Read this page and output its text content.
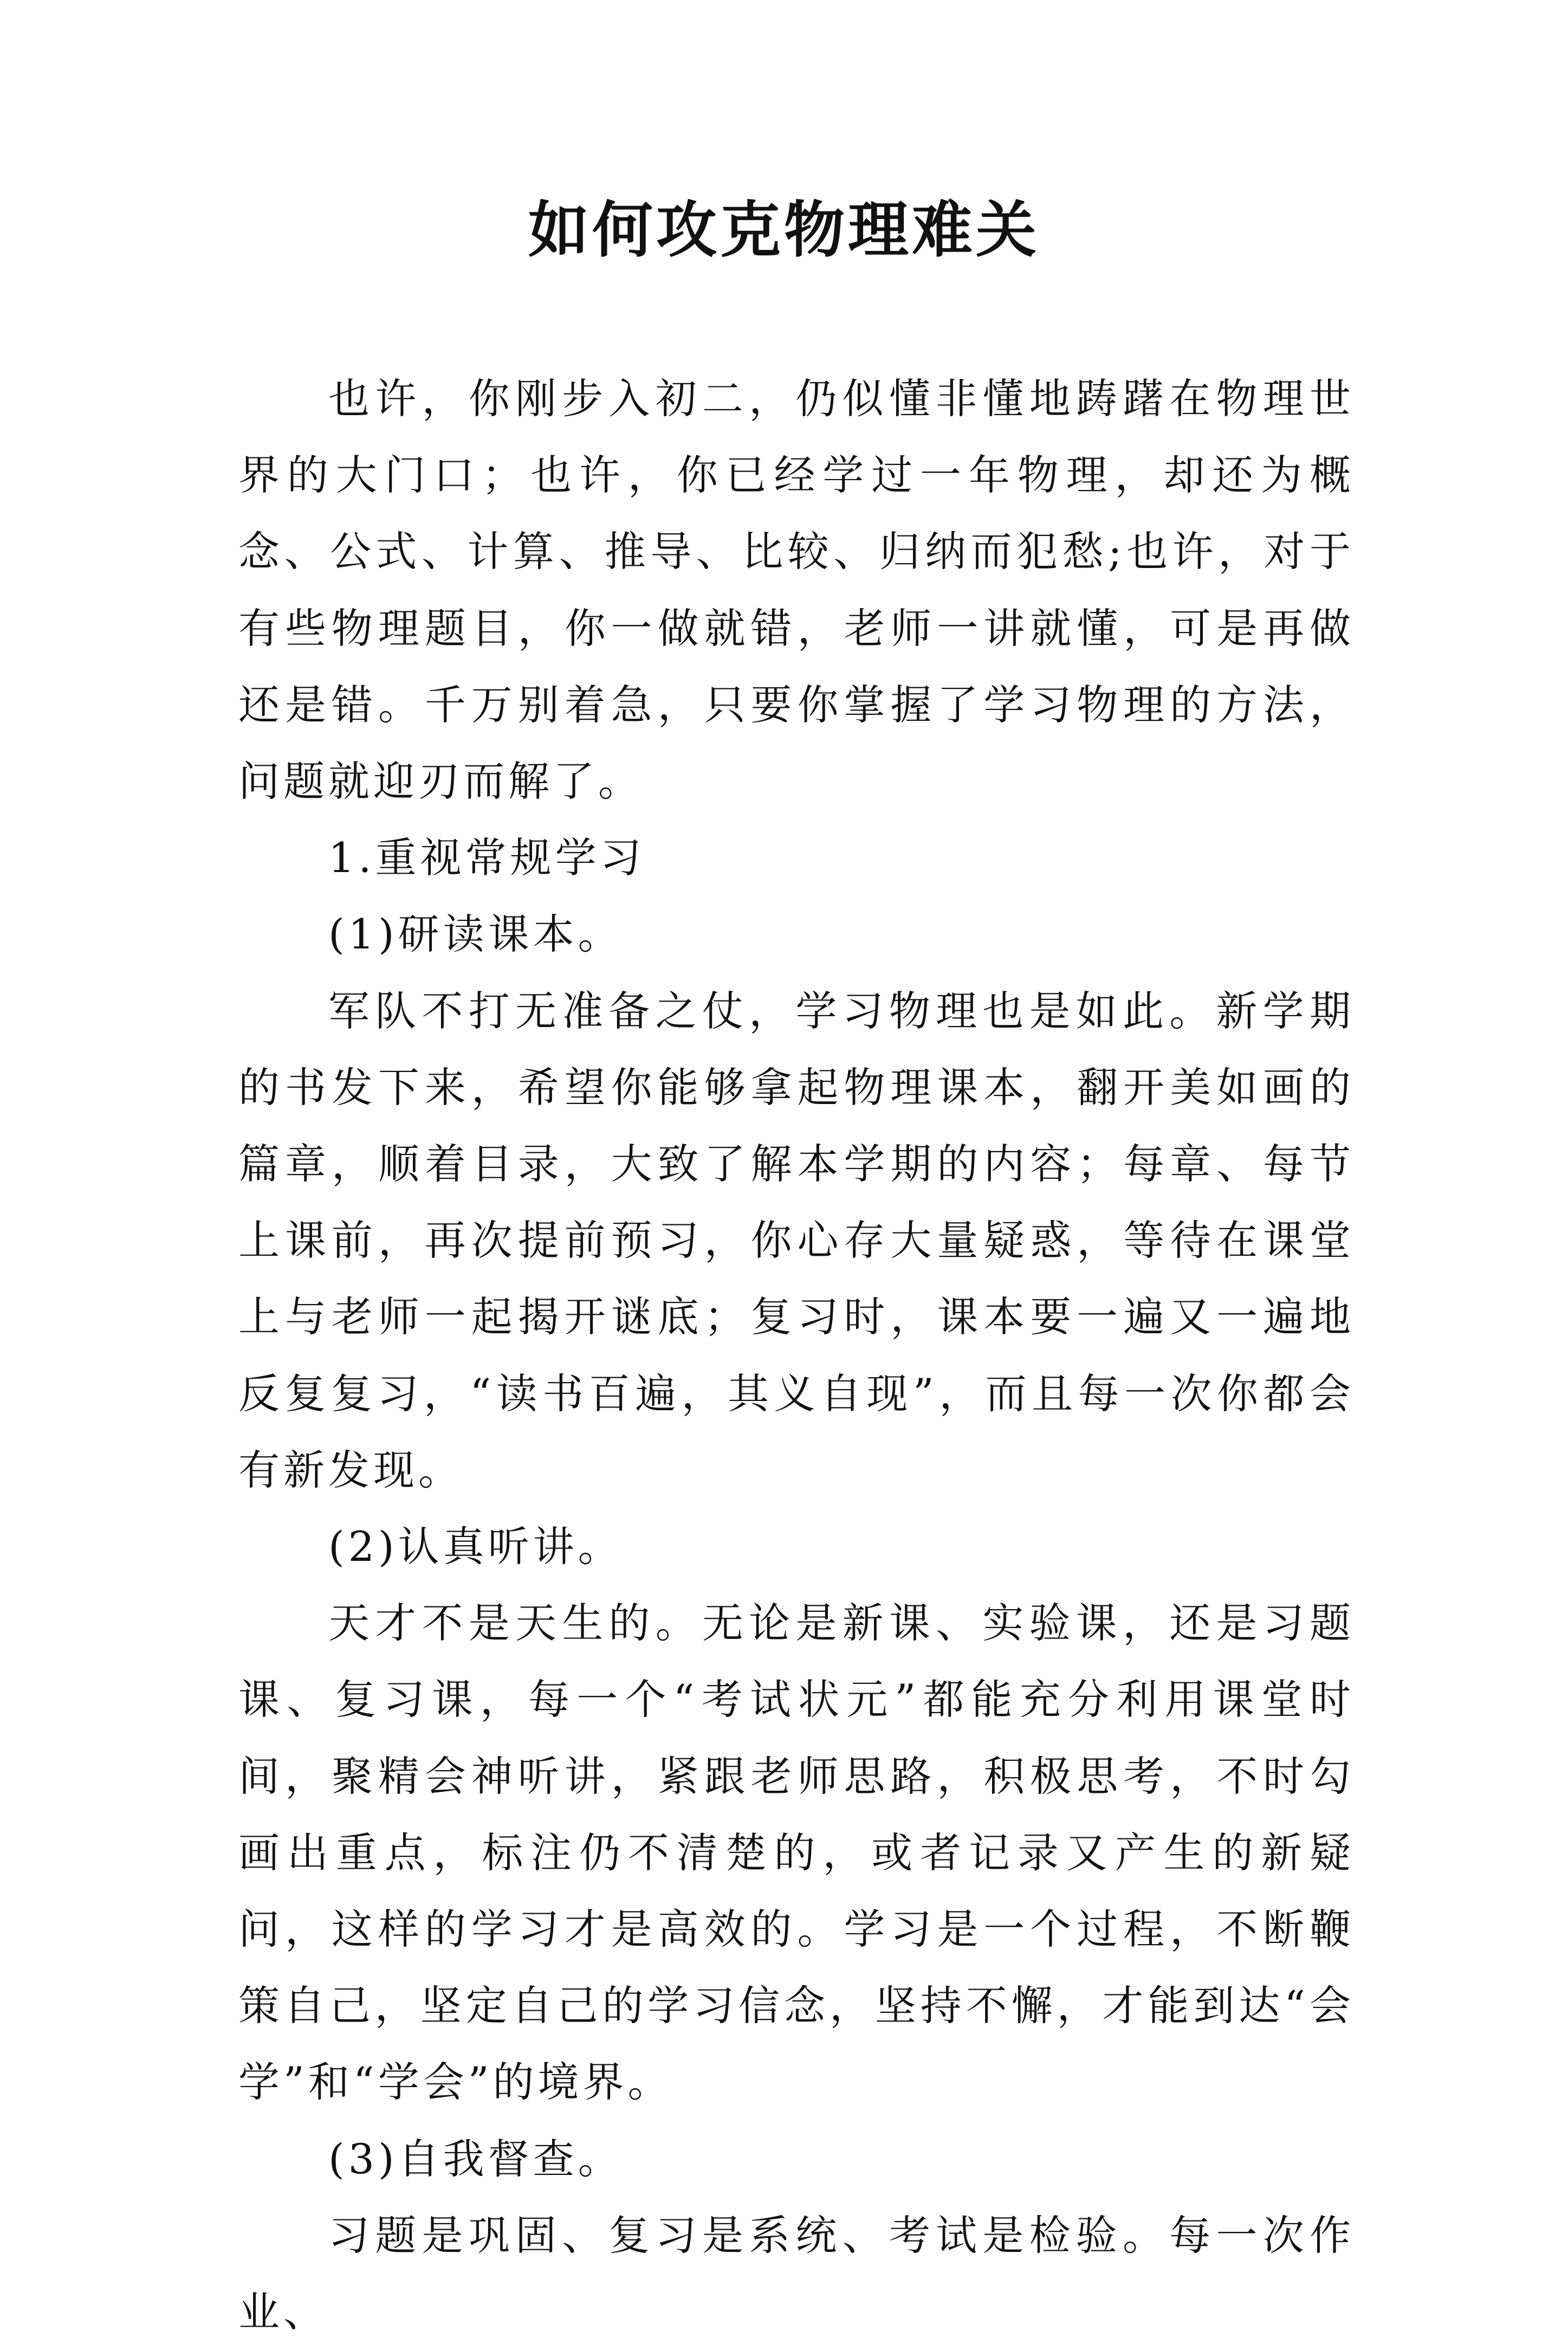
如何攻克物理难关

也许，你刚步入初二，仍似懂非懂地踌躇在物理世界的大门口；也许，你已经学过一年物理，却还为概念、公式、计算、推导、比较、归纳而犯愁;也许，对于有些物理题目，你一做就错，老师一讲就懂，可是再做还是错。千万别着急，只要你掌握了学习物理的方法，问题就迎刃而解了。

1.重视常规学习

(1)研读课本。

军队不打无准备之仗，学习物理也是如此。新学期的书发下来，希望你能够拿起物理课本，翻开美如画的篇章，顺着目录，大致了解本学期的内容；每章、每节上课前，再次提前预习，你心存大量疑惑，等待在课堂上与老师一起揭开谜底；复习时，课本要一遍又一遍地反复复习，“读书百遍，其义自现”，而且每一次你都会有新发现。

(2)认真听讲。

天才不是天生的。无论是新课、实验课，还是习题课、复习课，每一个“考试状元”都能充分利用课堂时间，聚精会神听讲，紧跟老师思路，积极思考，不时勾画出重点，标注仍不清楚的，或者记录又产生的新疑问，这样的学习才是高效的。学习是一个过程，不断鞭策自己，坚定自己的学习信念，坚持不懈，才能到达“会学”和“学会”的境界。

(3)自我督查。

习题是巩固、复习是系统、考试是检验。每一次作业、
